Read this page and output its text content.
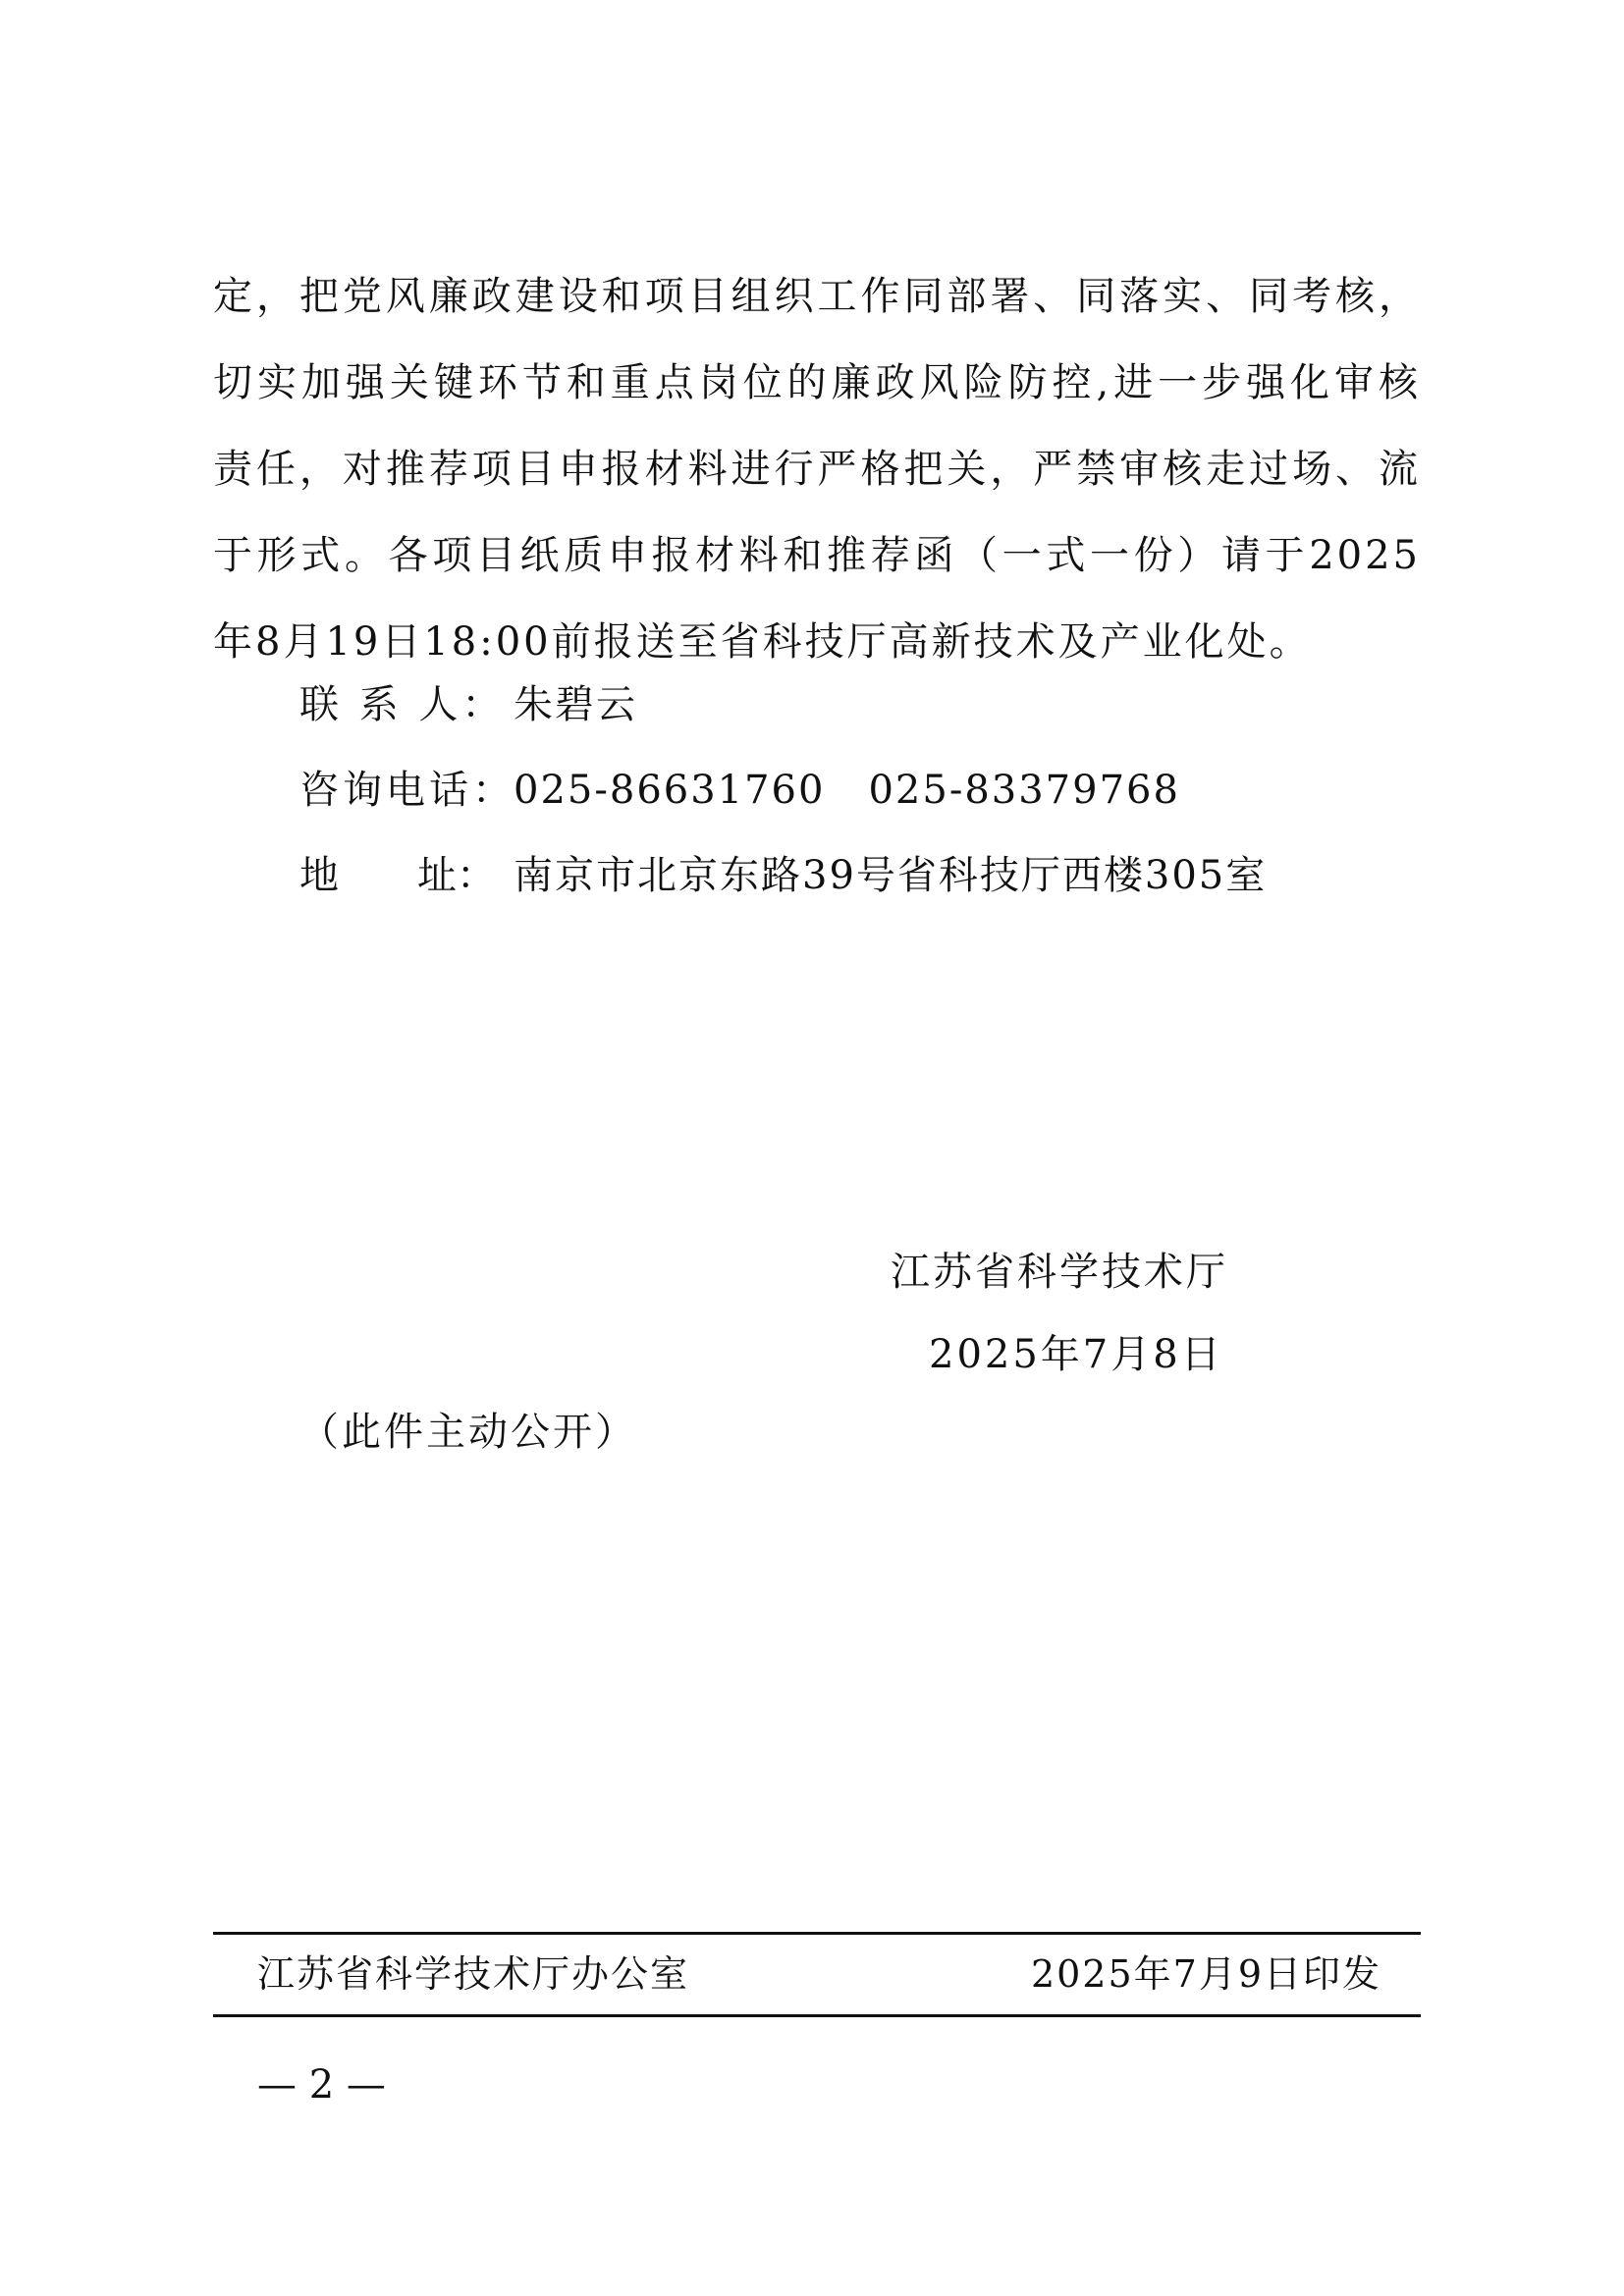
定，把党风廉政建设和项目组织工作同部署、同落实、同考核，
切实加强关键环节和重点岗位的廉政风险防控,进一步强化审核
责任，对推荐项目申报材料进行严格把关，严禁审核走过场、流
于形式。各项目纸质申报材料和推荐函（一式一份）请于2025
年8月19日18:00前报送至省科技厅高新技术及产业化处。
联 系 人： 朱碧云
咨询电话：025-86631760 025-83379768
地　　址： 南京市北京东路39号省科技厅西楼305室
江苏省科学技术厅
2025年7月8日
（此件主动公开）
江苏省科学技术厅办公室	2025年7月9日印发
— 2 —
